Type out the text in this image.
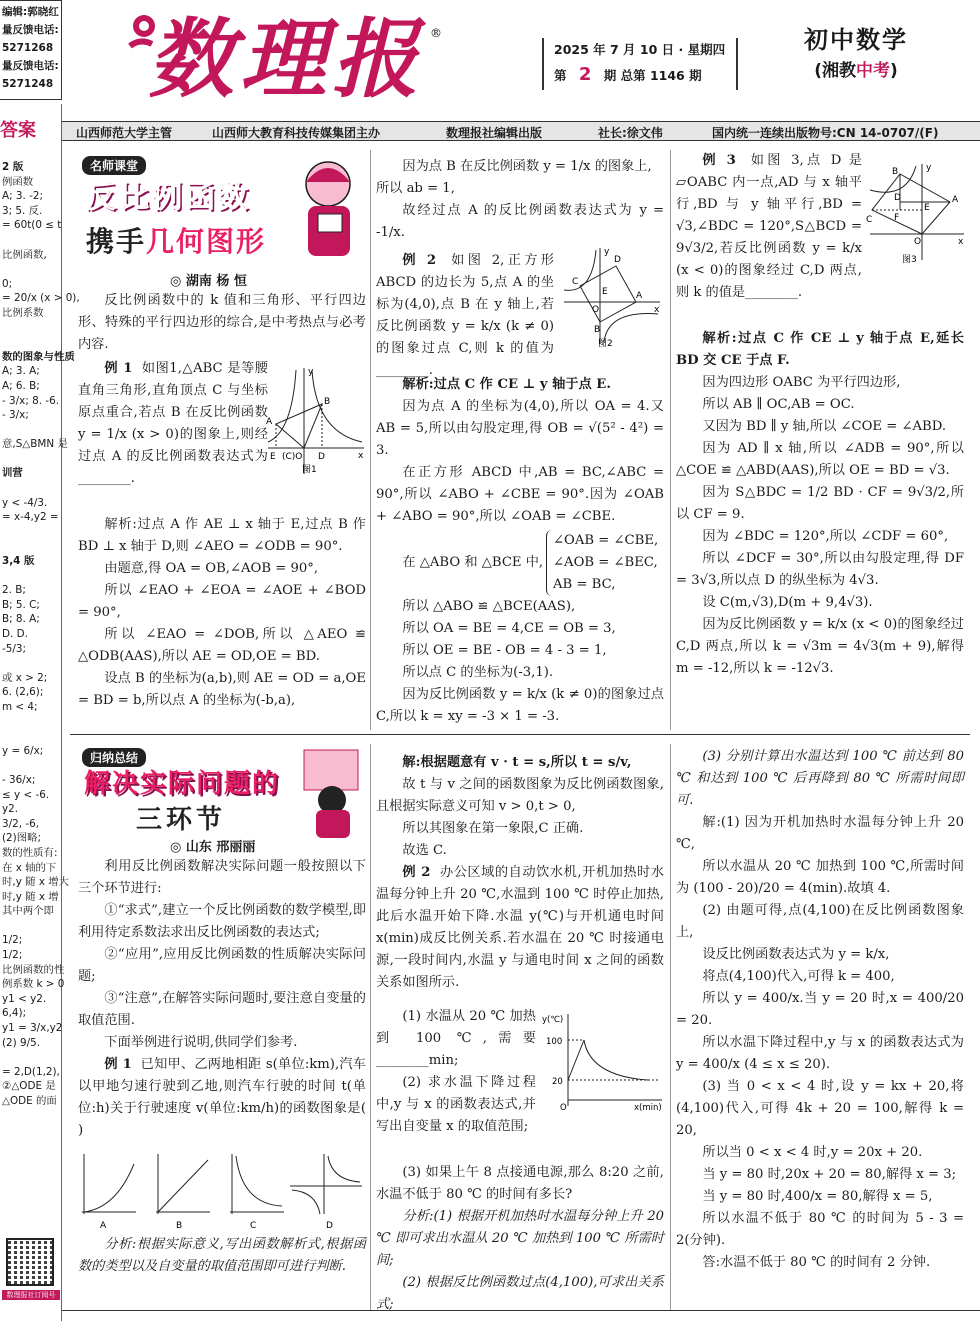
编辑:郭晓红
量反馈电话:
5271268
量反馈电话:
5271248 数理报 ®
2025 年 7 月 10 日 · 星期四
第 2 期 总第 1146 期
初中数学
(湘教中考)
山西师范大学主管	山西师大教育科技传媒集团主办	数理报社编辑出版	社长:徐文伟	国内统一连续出版物号:CN 14-0707/(F)
答案
2 版
例函数
A; 3. -2;
3; 5. 反.
= 60t(0 ≤ t
比例函数,
0;
= 20/x (x > 0),
比例系数
数的图象与性质
A; 3. A;
A; 6. B;
- 3/x; 8. -6.
- 3/x;
意,S△BMN 是
训营
y < -4/3.
= x-4,y2 =
3,4 版
2. B;
B; 5. C;
B; 8. A;
D. D.
-5/3;
或 x > 2;
6. (2,6);
m < 4;
y = 6/x;
- 36/x;
≤ y < -6.
y2.
3/2, -6,
(2)图略;
数的性质有:
在 x 轴的下
时,y 随 x 增大
时,y 随 x 增
其中两个即
1/2;
1/2;
比例函数的性
例系数 k > 0
y1 < y2.
6,4);
y1 = 3/x,y2
(2) 9/5.
= 2,D(1,2),
②△ODE 是
△ODE 的面
数理报社订阅号
名师课堂
反比例函数
携手几何图形
◎ 湖南 杨 恒
反比例函数中的 k 值和三角形、平行四边形、特殊的平行四边形的综合,是中考热点与必考内容.
例 1 如图1,△ABC 是等腰直角三角形,直角顶点 C 与坐标原点重合,若点 B 在反比例函数 y = 1/x (x > 0)的图象上,则经过点 A 的反比例函数表达式为________.
y
B
A
(C)O
E	D	x
图1
解析:过点 A 作 AE ⊥ x 轴于 E,过点 B 作 BD ⊥ x 轴于 D,则 ∠AEO = ∠ODB = 90°.
由题意,得 OA = OB,∠AOB = 90°,
所以 ∠EAO + ∠EOA = ∠AOE + ∠BOD = 90°,
所以 ∠EAO = ∠DOB,所以 △AEO ≌ △ODB(AAS),所以 AE = OD,OE = BD.
设点 B 的坐标为(a,b),则 AE = OD = a,OE = BD = b,所以点 A 的坐标为(-b,a),
因为点 B 在反比例函数 y = 1/x 的图象上,
所以 ab = 1,
故经过点 A 的反比例函数表达式为 y = -1/x.
例 2 如图 2,正方形 ABCD 的边长为 5,点 A 的坐标为(4,0),点 B 在 y 轴上,若反比例函数 y = k/x (k ≠ 0)的图象过点 C,则 k 的值为________.
y
D
C
B
E
O
A
x
图2
解析:过点 C 作 CE ⊥ y 轴于点 E.
因为点 A 的坐标为(4,0),所以 OA = 4.又 AB = 5,所以由勾股定理,得 OB = √(5² - 4²) = 3.
在正方形 ABCD 中,AB = BC,∠ABC = 90°,所以 ∠ABO + ∠CBE = 90°.因为 ∠OAB + ∠ABO = 90°,所以 ∠OAB = ∠CBE.
在 △ABO 和 △BCE 中,
∠OAB = ∠CBE,
∠AOB = ∠BEC,
AB = BC,
所以 △ABO ≌ △BCE(AAS),
所以 OA = BE = 4,CE = OB = 3,
所以 OE = BE - OB = 4 - 3 = 1,
所以点 C 的坐标为(-3,1).
因为反比例函数 y = k/x (k ≠ 0)的图象过点 C,所以 k = xy = -3 × 1 = -3.
例 3 如图 3,点 D 是 ▱OABC 内一点,AD 与 x 轴平行,BD 与 y 轴平行,BD = √3,∠BDC = 120°,S△BCD = 9√3/2,若反比例函数 y = k/x (x < 0)的图象经过 C,D 两点,则 k 的值是________.
y
B
A
D
C
E
F
O	x
图3
解析:过点 C 作 CE ⊥ y 轴于点 E,延长 BD 交 CE 于点 F.
因为四边形 OABC 为平行四边形,
所以 AB ∥ OC,AB = OC.
又因为 BD ∥ y 轴,所以 ∠COE = ∠ABD.
因为 AD ∥ x 轴,所以 ∠ADB = 90°,所以 △COE ≌ △ABD(AAS),所以 OE = BD = √3.
因为 S△BDC = 1/2 BD · CF = 9√3/2,所以 CF = 9.
因为 ∠BDC = 120°,所以 ∠CDF = 60°,
所以 ∠DCF = 30°,所以由勾股定理,得 DF = 3√3,所以点 D 的纵坐标为 4√3.
设 C(m,√3),D(m + 9,4√3).
因为反比例函数 y = k/x (x < 0)的图象经过 C,D 两点,所以 k = √3m = 4√3(m + 9),解得 m = -12,所以 k = -12√3.
归纳总结
解决实际问题的
三环节
◎ 山东 邢丽丽
利用反比例函数解决实际问题一般按照以下三个环节进行:
①“求式”,建立一个反比例函数的数学模型,即利用待定系数法求出反比例函数的表达式;
②“应用”,应用反比例函数的性质解决实际问题;
③“注意”,在解答实际问题时,要注意自变量的取值范围.
下面举例进行说明,供同学们参考.
例 1 已知甲、乙两地相距 s(单位:km),汽车以甲地匀速行驶到乙地,则汽车行驶的时间 t(单位:h)关于行驶速度 v(单位:km/h)的函数图象是( )
A	B	C	D
分析:根据实际意义,写出函数解析式,根据函数的类型以及自变量的取值范围即可进行判断.
解:根据题意有 v · t = s,所以 t = s/v,
故 t 与 v 之间的函数图象为反比例函数图象,且根据实际意义可知 v > 0,t > 0,
所以其图象在第一象限,C 正确.
故选 C.
例 2 办公区域的自动饮水机,开机加热时水温每分钟上升 20 ℃,水温到 100 ℃ 时停止加热,此后水温开始下降.水温 y(℃)与开机通电时间 x(min)成反比例关系.若水温在 20 ℃ 时接通电源,一段时间内,水温 y 与通电时间 x 之间的函数关系如图所示.
(1) 水温从 20 ℃ 加热到 100 ℃,需要________min;
(2) 求水温下降过程中,y 与 x 的函数表达式,并写出自变量 x 的取值范围;
y(℃)
x(min)
O
100
20
(3) 如果上午 8 点接通电源,那么 8:20 之前,水温不低于 80 ℃ 的时间有多长?
分析:(1) 根据开机加热时水温每分钟上升 20 ℃ 即可求出水温从 20 ℃ 加热到 100 ℃ 所需时间;
(2) 根据反比例函数过点(4,100),可求出关系式;
(3) 分别计算出水温达到 100 ℃ 前达到 80 ℃ 和达到 100 ℃ 后再降到 80 ℃ 所需时间即可.
解:(1) 因为开机加热时水温每分钟上升 20 ℃,
所以水温从 20 ℃ 加热到 100 ℃,所需时间为 (100 - 20)/20 = 4(min).故填 4.
(2) 由题可得,点(4,100)在反比例函数图象上,
设反比例函数表达式为 y = k/x,
将点(4,100)代入,可得 k = 400,
所以 y = 400/x.当 y = 20 时,x = 400/20 = 20.
所以水温下降过程中,y 与 x 的函数表达式为 y = 400/x (4 ≤ x ≤ 20).
(3) 当 0 < x < 4 时,设 y = kx + 20,将(4,100)代入,可得 4k + 20 = 100,解得 k = 20,
所以当 0 < x < 4 时,y = 20x + 20.
当 y = 80 时,20x + 20 = 80,解得 x = 3;
当 y = 80 时,400/x = 80,解得 x = 5,
所以水温不低于 80 ℃ 的时间为 5 - 3 = 2(分钟).
答:水温不低于 80 ℃ 的时间有 2 分钟.
